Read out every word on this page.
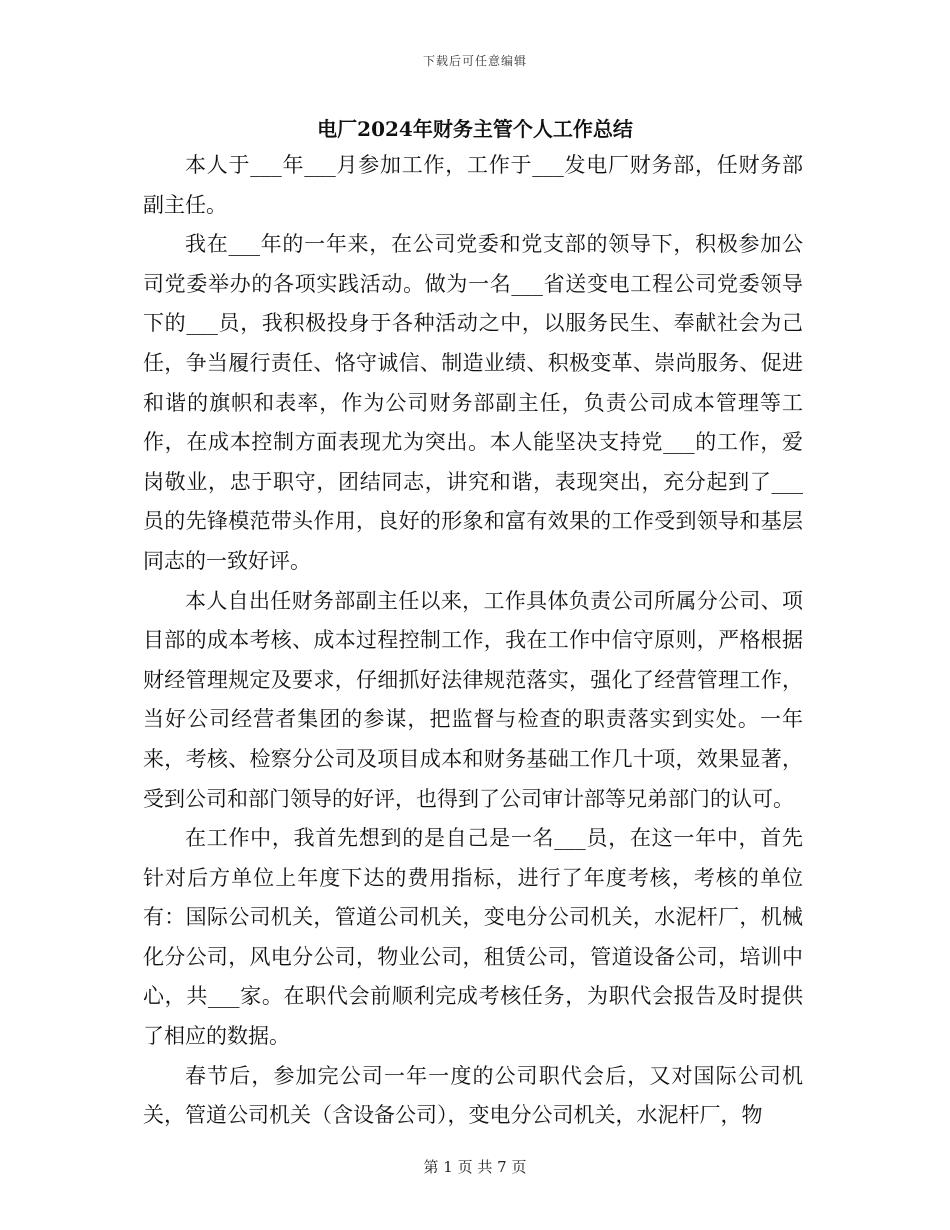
下载后可任意编辑
电厂2024年财务主管个人工作总结

本人于___年___月参加工作，工作于___发电厂财务部，任财务部副主任。

我在___年的一年来，在公司党委和党支部的领导下，积极参加公司党委举办的各项实践活动。做为一名___省送变电工程公司党委领导下的___员，我积极投身于各种活动之中，以服务民生、奉献社会为己任，争当履行责任、恪守诚信、制造业绩、积极变革、崇尚服务、促进和谐的旗帜和表率，作为公司财务部副主任，负责公司成本管理等工作，在成本控制方面表现尤为突出。本人能坚决支持党___的工作，爱岗敬业，忠于职守，团结同志，讲究和谐，表现突出，充分起到了___员的先锋模范带头作用，良好的形象和富有效果的工作受到领导和基层同志的一致好评。

本人自出任财务部副主任以来，工作具体负责公司所属分公司、项目部的成本考核、成本过程控制工作，我在工作中信守原则，严格根据财经管理规定及要求，仔细抓好法律规范落实，强化了经营管理工作，当好公司经营者集团的参谋，把监督与检查的职责落实到实处。一年来，考核、检察分公司及项目成本和财务基础工作几十项，效果显著，受到公司和部门领导的好评，也得到了公司审计部等兄弟部门的认可。

在工作中，我首先想到的是自己是一名___员，在这一年中，首先针对后方单位上年度下达的费用指标，进行了年度考核，考核的单位有：国际公司机关，管道公司机关，变电分公司机关，水泥杆厂，机械化分公司，风电分公司，物业公司，租赁公司，管道设备公司，培训中心，共___家。在职代会前顺利完成考核任务，为职代会报告及时提供了相应的数据。

春节后，参加完公司一年一度的公司职代会后，又对国际公司机关，管道公司机关（含设备公司），变电分公司机关，水泥杆厂，物

第 1 页 共 7 页
